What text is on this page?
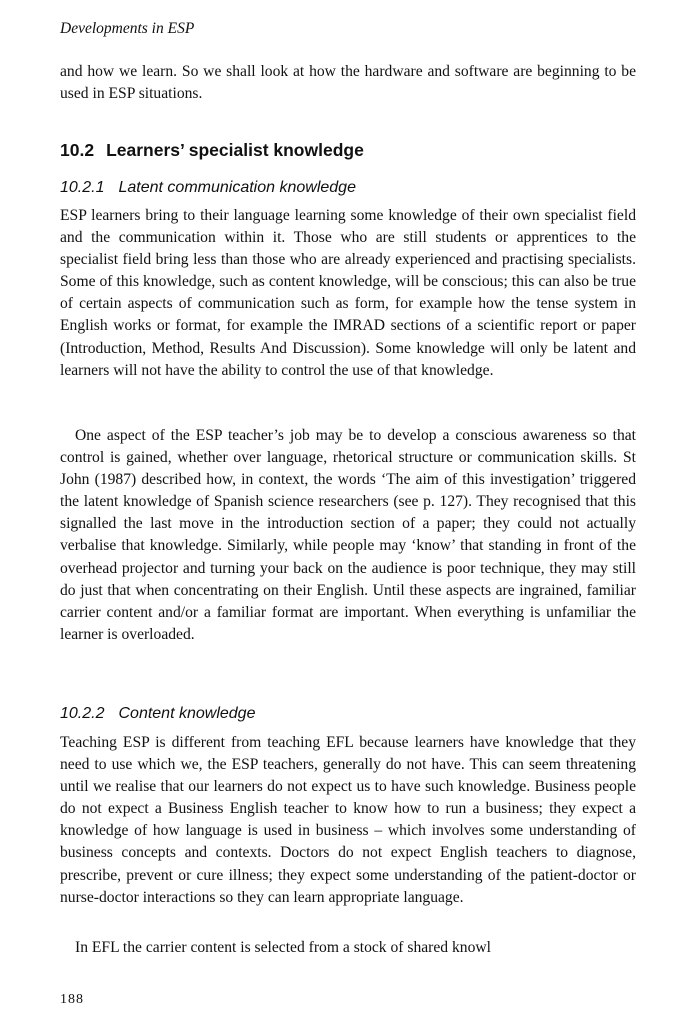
Developments in ESP

and how we learn. So we shall look at how the hardware and software are beginning to be used in ESP situations.

10.2 Learners’ specialist knowledge
10.2.1 Latent communication knowledge

ESP learners bring to their language learning some knowledge of their own specialist field and the communication within it. Those who are still students or apprentices to the specialist field bring less than those who are already experienced and practising specialists. Some of this knowledge, such as content knowledge, will be conscious; this can also be true of certain aspects of communication such as form, for example how the tense system in English works or format, for example the IMRAD sections of a scientific report or paper (Introduction, Method, Results And Discussion). Some knowledge will only be latent and learners will not have the ability to control the use of that knowledge.

One aspect of the ESP teacher’s job may be to develop a conscious awareness so that control is gained, whether over language, rhetorical structure or communication skills. St John (1987) described how, in context, the words ‘The aim of this investigation’ triggered the latent knowledge of Spanish science researchers (see p. 127). They recognised that this signalled the last move in the introduction section of a paper; they could not actually verbalise that knowledge. Similarly, while people may ‘know’ that standing in front of the overhead projector and turning your back on the audience is poor technique, they may still do just that when concentrating on their English. Until these aspects are ingrained, familiar carrier content and/or a familiar format are important. When everything is unfamiliar the learner is overloaded.

10.2.2 Content knowledge

Teaching ESP is different from teaching EFL because learners have knowledge that they need to use which we, the ESP teachers, generally do not have. This can seem threatening until we realise that our learners do not expect us to have such knowledge. Business people do not expect a Business English teacher to know how to run a business; they expect a knowledge of how language is used in business – which involves some understanding of business concepts and contexts. Doctors do not expect English teachers to diagnose, prescribe, prevent or cure illness; they expect some understanding of the patient-doctor or nurse-doctor interactions so they can learn appropriate language.

In EFL the carrier content is selected from a stock of shared knowl

188
